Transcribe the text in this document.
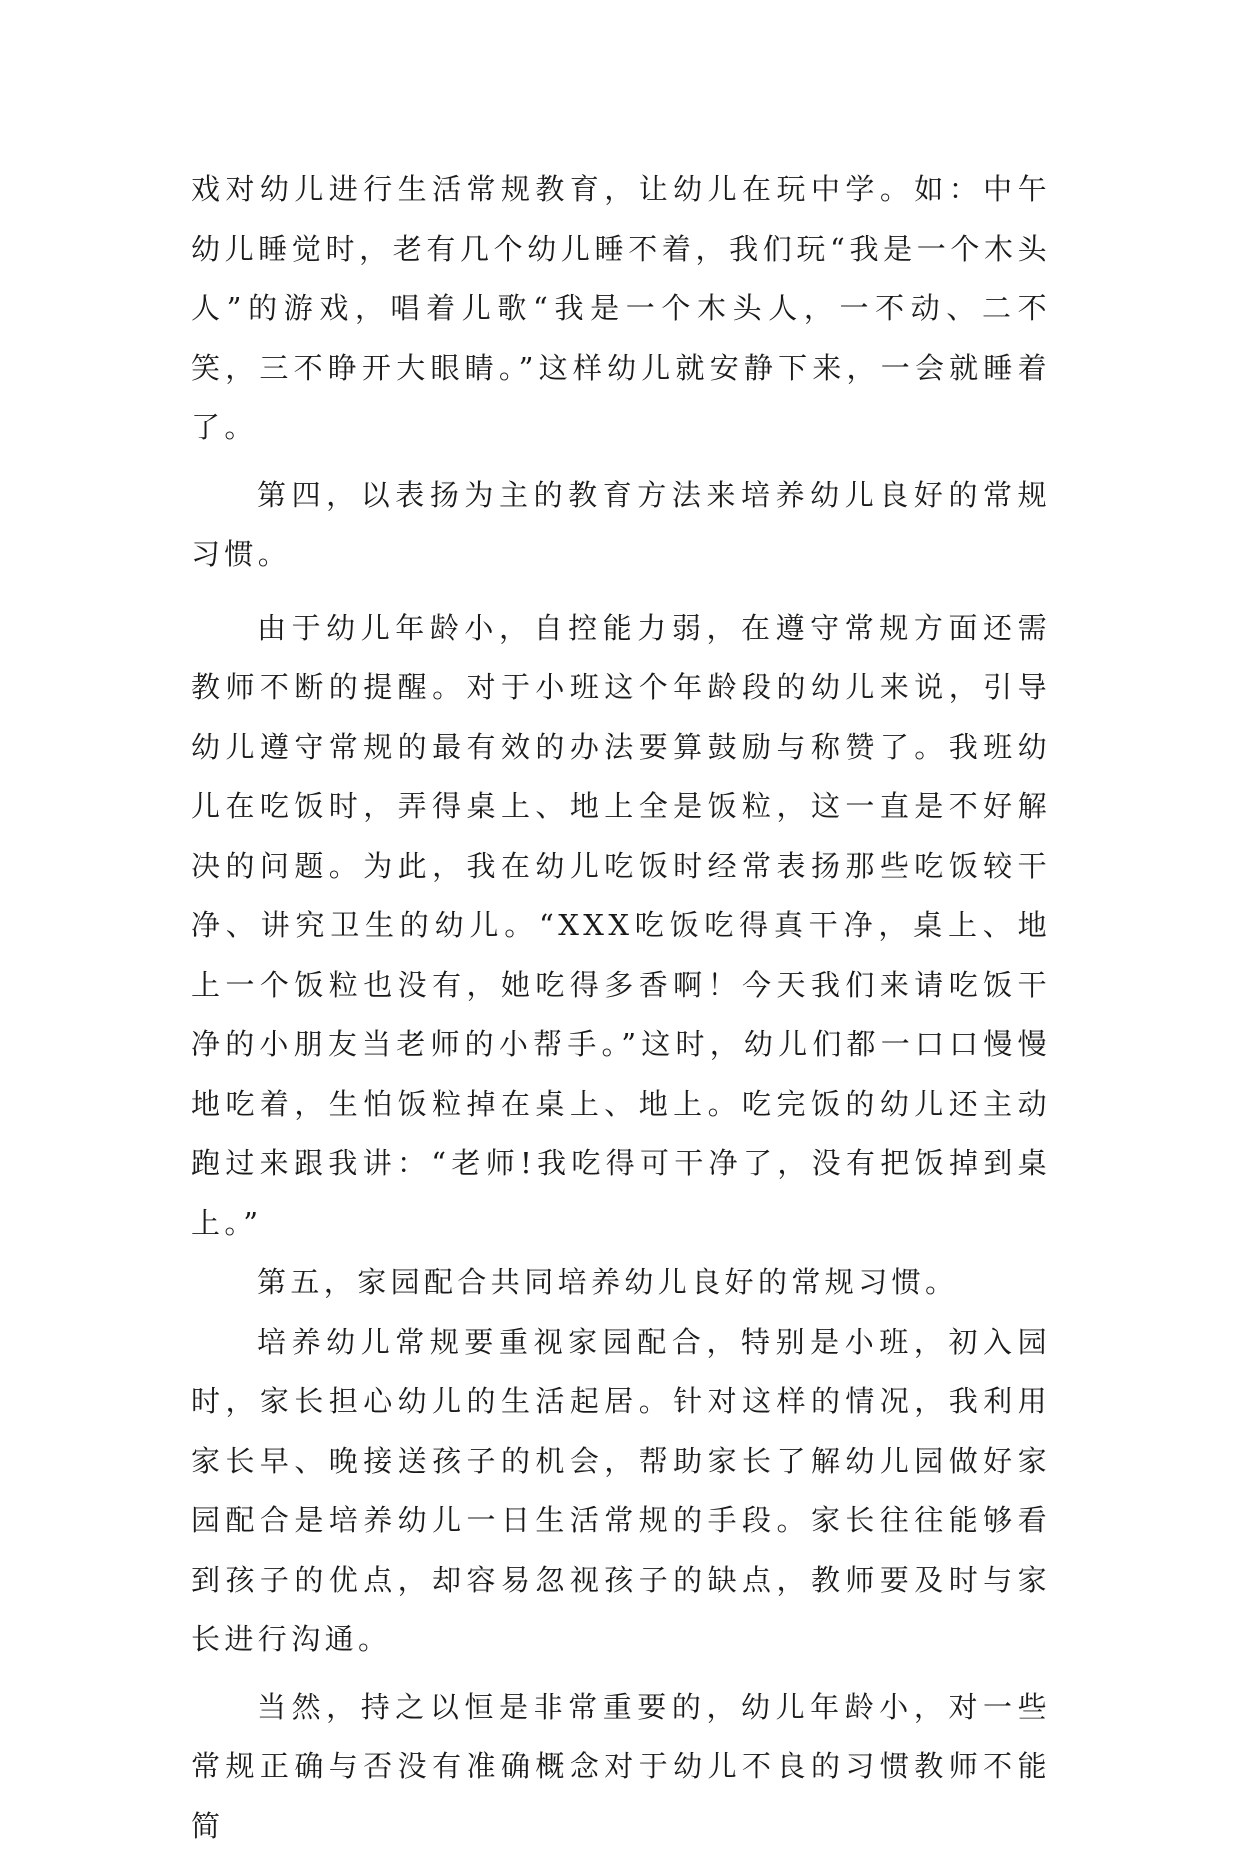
戏对幼儿进行生活常规教育，让幼儿在玩中学。如：中午幼儿睡觉时，老有几个幼儿睡不着，我们玩“我是一个木头人”的游戏，唱着儿歌“我是一个木头人，一不动、二不笑，三不睁开大眼睛。”这样幼儿就安静下来，一会就睡着了。

第四，以表扬为主的教育方法来培养幼儿良好的常规习惯。

由于幼儿年龄小，自控能力弱，在遵守常规方面还需教师不断的提醒。对于小班这个年龄段的幼儿来说，引导幼儿遵守常规的最有效的办法要算鼓励与称赞了。我班幼儿在吃饭时，弄得桌上、地上全是饭粒，这一直是不好解决的问题。为此，我在幼儿吃饭时经常表扬那些吃饭较干净、讲究卫生的幼儿。“XXX吃饭吃得真干净，桌上、地上一个饭粒也没有，她吃得多香啊！今天我们来请吃饭干净的小朋友当老师的小帮手。”这时，幼儿们都一口口慢慢地吃着，生怕饭粒掉在桌上、地上。吃完饭的幼儿还主动跑过来跟我讲：“老师!我吃得可干净了，没有把饭掉到桌上。”

第五，家园配合共同培养幼儿良好的常规习惯。

培养幼儿常规要重视家园配合，特别是小班，初入园时，家长担心幼儿的生活起居。针对这样的情况，我利用家长早、晚接送孩子的机会，帮助家长了解幼儿园做好家园配合是培养幼儿一日生活常规的手段。家长往往能够看到孩子的优点，却容易忽视孩子的缺点，教师要及时与家长进行沟通。

当然，持之以恒是非常重要的，幼儿年龄小，对一些常规正确与否没有准确概念对于幼儿不良的习惯教师不能简
